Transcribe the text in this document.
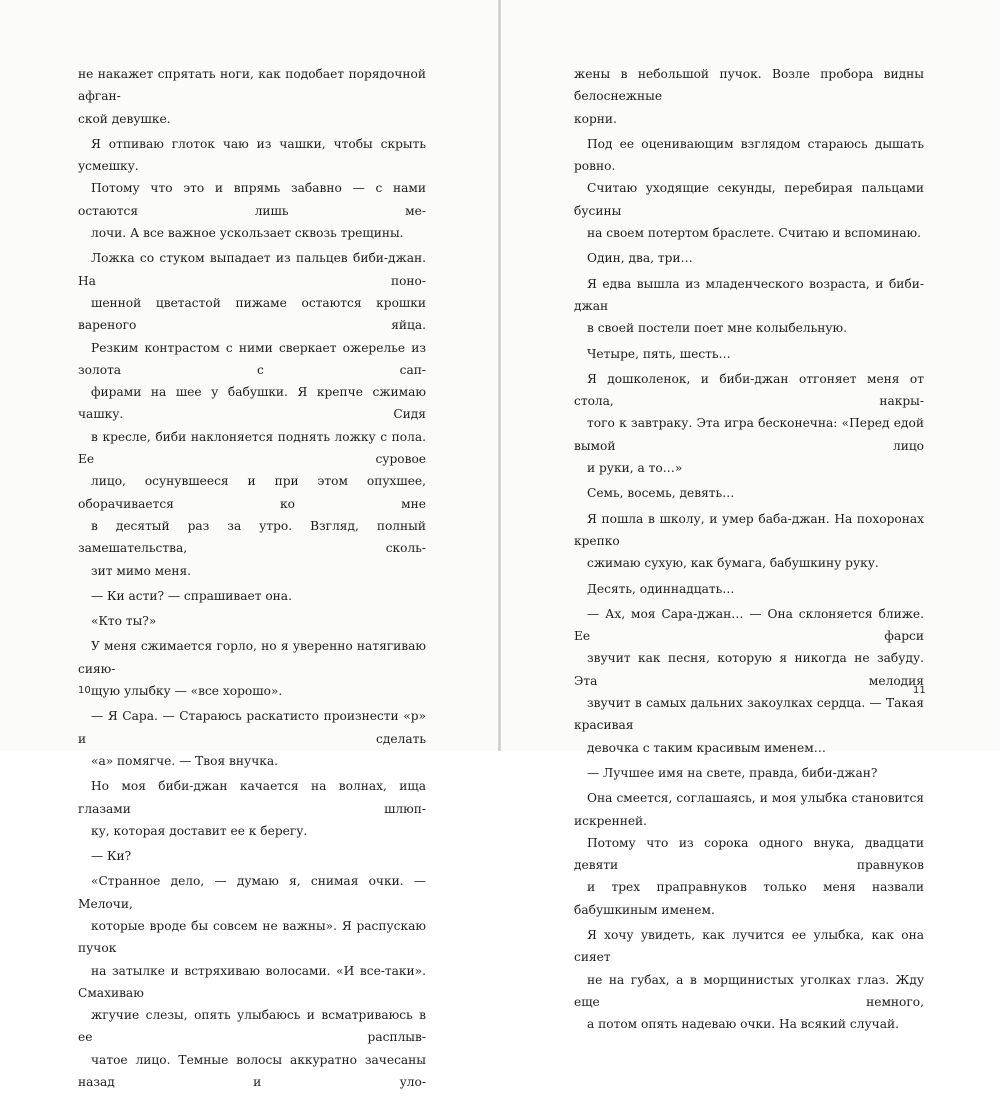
не накажет спрятать ноги, как подобает порядочной афган-
ской девушке.

Я отпиваю глоток чаю из чашки, чтобы скрыть усмешку.
Потому что это и впрямь забавно — с нами остаются лишь ме-
лочи. А все важное ускользает сквозь трещины.

Ложка со стуком выпадает из пальцев биби-джан. На поно-
шенной цветастой пижаме остаются крошки вареного яйца.
Резким контрастом с ними сверкает ожерелье из золота с сап-
фирами на шее у бабушки. Я крепче сжимаю чашку. Сидя
в кресле, биби наклоняется поднять ложку с пола. Ее суровое
лицо, осунувшееся и при этом опухшее, оборачивается ко мне
в десятый раз за утро. Взгляд, полный замешательства, сколь-
зит мимо меня.

— Ки асти? — спрашивает она.

«Кто ты?»

У меня сжимается горло, но я уверенно натягиваю сияю-
щую улыбку — «все хорошо».

— Я Сара. — Стараюсь раскатисто произнести «р» и сделать
«а» помягче. — Твоя внучка.

Но моя биби-джан качается на волнах, ища глазами шлюп-
ку, которая доставит ее к берегу.

— Ки?

«Странное дело, — думаю я, снимая очки. — Мелочи,
которые вроде бы совсем не важны». Я распускаю пучок
на затылке и встряхиваю волосами. «И все-таки». Смахиваю
жгучие слезы, опять улыбаюсь и всматриваюсь в ее расплыв-
чатое лицо. Темные волосы аккуратно зачесаны назад и уло-

10

жены в небольшой пучок. Возле пробора видны белоснежные
корни.

Под ее оценивающим взглядом стараюсь дышать ровно.
Считаю уходящие секунды, перебирая пальцами бусины
на своем потертом браслете. Считаю и вспоминаю.

Один, два, три…

Я едва вышла из младенческого возраста, и биби-джан
в своей постели поет мне колыбельную.

Четыре, пять, шесть…

Я дошколенок, и биби-джан отгоняет меня от стола, накры-
того к завтраку. Эта игра бесконечна: «Перед едой вымой лицо
и руки, а то…»

Семь, восемь, девять…

Я пошла в школу, и умер баба-джан. На похоронах крепко
сжимаю сухую, как бумага, бабушкину руку.

Десять, одиннадцать…

— Ах, моя Сара-джан… — Она склоняется ближе. Ее фарси
звучит как песня, которую я никогда не забуду. Эта мелодия
звучит в самых дальних закоулках сердца. — Такая красивая
девочка с таким красивым именем…

— Лучшее имя на свете, правда, биби-джан?

Она смеется, соглашаясь, и моя улыбка становится искренней.
Потому что из сорока одного внука, двадцати девяти правнуков
и трех праправнуков только меня назвали бабушкиным именем.

Я хочу увидеть, как лучится ее улыбка, как она сияет
не на губах, а в морщинистых уголках глаз. Жду еще немного,
а потом опять надеваю очки. На всякий случай.

11
